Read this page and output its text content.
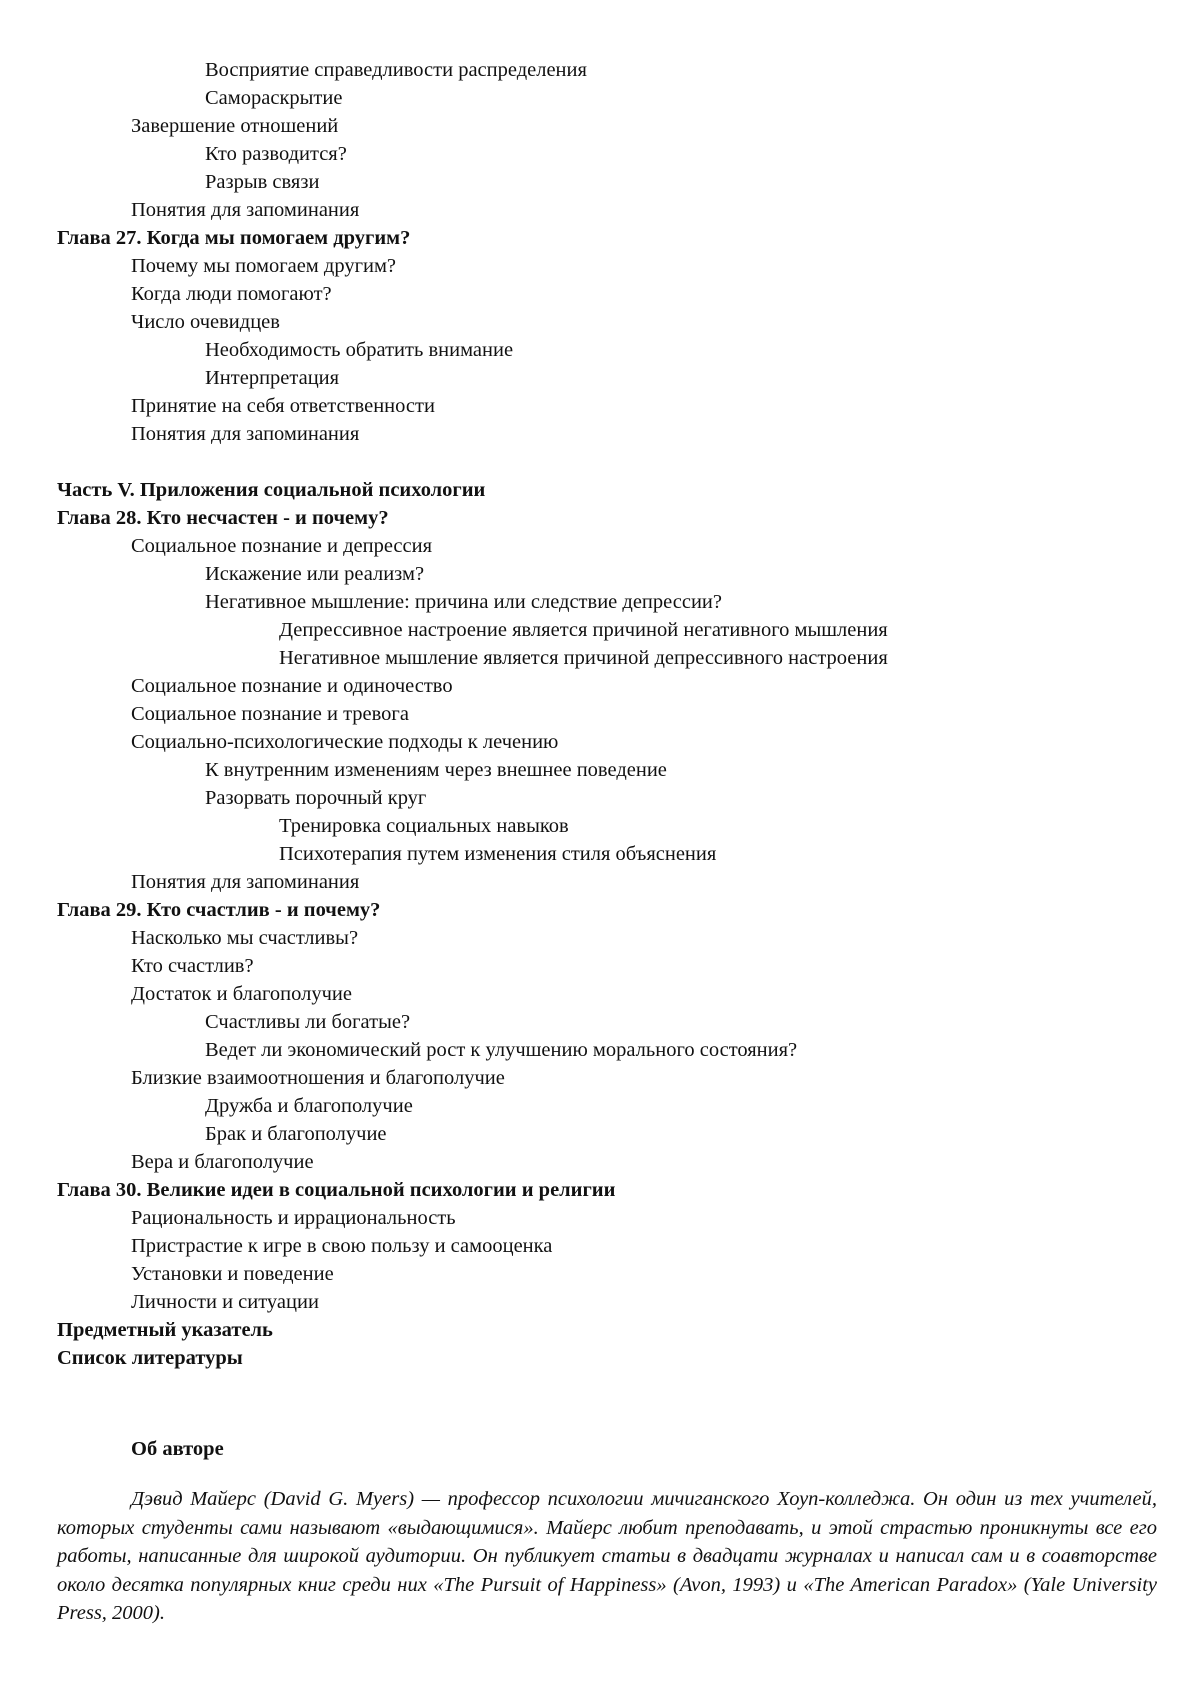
Восприятие справедливости распределения
Самораскрытие
Завершение отношений
Кто разводится?
Разрыв связи
Понятия для запоминания
Глава 27. Когда мы помогаем другим?
Почему мы помогаем другим?
Когда люди помогают?
Число очевидцев
Необходимость обратить внимание
Интерпретация
Принятие на себя ответственности
Понятия для запоминания
Часть V. Приложения социальной психологии
Глава 28. Кто несчастен - и почему?
Социальное познание и депрессия
Искажение или реализм?
Негативное мышление: причина или следствие депрессии?
Депрессивное настроение является причиной негативного мышления
Негативное мышление является причиной депрессивного настроения
Социальное познание и одиночество
Социальное познание и тревога
Социально-психологические подходы к лечению
К внутренним изменениям через внешнее поведение
Разорвать порочный круг
Тренировка социальных навыков
Психотерапия путем изменения стиля объяснения
Понятия для запоминания
Глава 29. Кто счастлив - и почему?
Насколько мы счастливы?
Кто счастлив?
Достаток и благополучие
Счастливы ли богатые?
Ведет ли экономический рост к улучшению морального состояния?
Близкие взаимоотношения и благополучие
Дружба и благополучие
Брак и благополучие
Вера и благополучие
Глава 30. Великие идеи в социальной психологии и религии
Рациональность и иррациональность
Пристрастие к игре в свою пользу и самооценка
Установки и поведение
Личности и ситуации
Предметный указатель
Список литературы
Об авторе
Дэвид Майерс (David G. Myers) — профессор психологии мичиганского Хоуп-колледжа. Он один из тех учителей, которых студенты сами называют «выдающимися». Майерс любит преподавать, и этой страстью проникнуты все его работы, написанные для широкой аудитории. Он публикует статьи в двадцати журналах и написал сам и в соавторстве около десятка популярных книг среди них «The Pursuit of Happiness» (Avon, 1993) и «The American Paradox» (Yale University Press, 2000).
